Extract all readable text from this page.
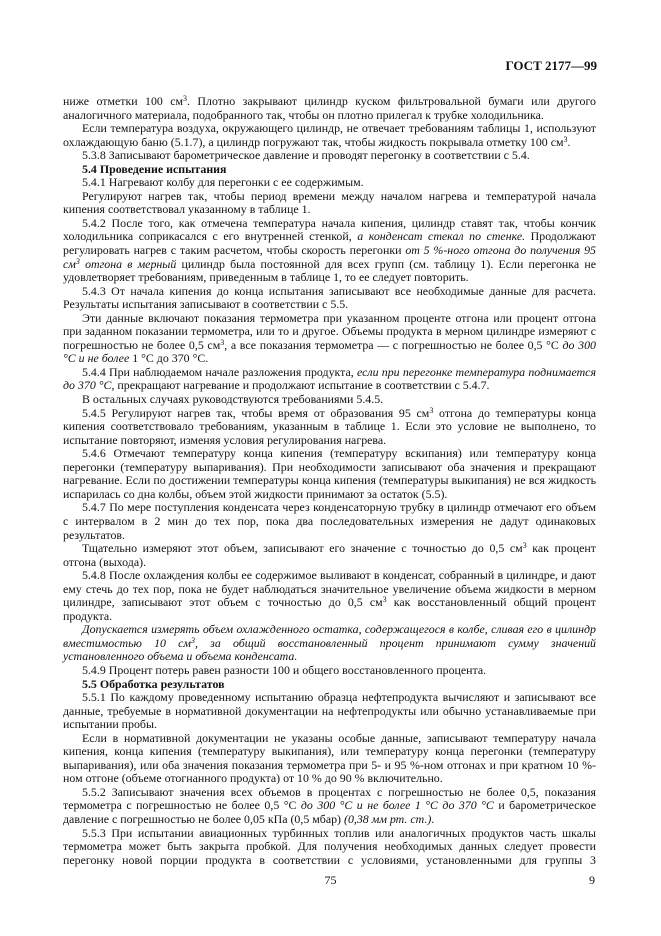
ГОСТ 2177—99

ниже отметки 100 $см^3$. Плотно закрывают цилиндр куском фильтровальной бумаги или другого аналогичного материала, подобранного так, чтобы он плотно прилегал к трубке холодильника.

Если температура воздуха, окружающего цилиндр, не отвечает требованиям таблицы 1, используют охлаждающую баню (5.1.7), а цилиндр погружают так, чтобы жидкость покрывала отметку 100 $см^3$.

5.3.8 Записывают барометрическое давление и проводят перегонку в соответствии с 5.4.

5.4 Проведение испытания

5.4.1 Нагревают колбу для перегонки с ее содержимым.

Регулируют нагрев так, чтобы период времени между началом нагрева и температурой начала кипения соответствовал указанному в таблице 1.

5.4.2 После того, как отмечена температура начала кипения, цилиндр ставят так, чтобы кончик холодильника соприкасался с его внутренней стенкой, а конденсат стекал по стенке. Продолжают регулировать нагрев с таким расчетом, чтобы скорость перегонки от 5 %-ного отгона до получения 95 $см^3$ отгона в мерный цилиндр была постоянной для всех групп (см. таблицу 1). Если перегонка не удовлетворяет требованиям, приведенным в таблице 1, то ее следует повторить.

5.4.3 От начала кипения до конца испытания записывают все необходимые данные для расчета. Результаты испытания записывают в соответствии с 5.5.

Эти данные включают показания термометра при указанном проценте отгона или процент отгона при заданном показании термометра, или то и другое. Объемы продукта в мерном цилиндре измеряют с погрешностью не более 0,5 $см^3$, а все показания термометра — с погрешностью не более 0,5 °С до 300 °С и не более 1 °С до 370 °С.

5.4.4 При наблюдаемом начале разложения продукта, если при перегонке температура поднимается до 370 °С, прекращают нагревание и продолжают испытание в соответствии с 5.4.7.

В остальных случаях руководствуются требованиями 5.4.5.

5.4.5 Регулируют нагрев так, чтобы время от образования 95 $см^3$ отгона до температуры конца кипения соответствовало требованиям, указанным в таблице 1. Если это условие не выполнено, то испытание повторяют, изменяя условия регулирования нагрева.

5.4.6 Отмечают температуру конца кипения (температуру вскипания) или температуру конца перегонки (температуру выпаривания). При необходимости записывают оба значения и прекращают нагревание. Если по достижении температуры конца кипения (температуры выкипания) не вся жидкость испарилась со дна колбы, объем этой жидкости принимают за остаток (5.5).

5.4.7 По мере поступления конденсата через конденсаторную трубку в цилиндр отмечают его объем с интервалом в 2 мин до тех пор, пока два последовательных измерения не дадут одинаковых результатов.

Тщательно измеряют этот объем, записывают его значение с точностью до 0,5 $см^3$ как процент отгона (выхода).

5.4.8 После охлаждения колбы ее содержимое выливают в конденсат, собранный в цилиндре, и дают ему стечь до тех пор, пока не будет наблюдаться значительное увеличение объема жидкости в мерном цилиндре, записывают этот объем с точностью до 0,5 $см^3$ как восстановленный общий процент продукта.

Допускается измерять объем охлажденного остатка, содержащегося в колбе, сливая его в цилиндр вместимостью 10 $см^3$, за общий восстановленный процент принимают сумму значений установленного объема и объема конденсата.

5.4.9 Процент потерь равен разности 100 и общего восстановленного процента.

5.5 Обработка результатов

5.5.1 По каждому проведенному испытанию образца нефтепродукта вычисляют и записывают все данные, требуемые в нормативной документации на нефтепродукты или обычно устанавливаемые при испытании пробы.

Если в нормативной документации не указаны особые данные, записывают температуру начала кипения, конца кипения (температуру выкипания), или температуру конца перегонки (температуру выпаривания), или оба значения показания термометра при 5- и 95 %-ном отгонах и при кратном 10 %-ном отгоне (объеме отогнанного продукта) от 10 % до 90 % включительно.

5.5.2 Записывают значения всех объемов в процентах с погрешностью не более 0,5, показания термометра с погрешностью не более 0,5 °С до 300 °С и не более 1 °С до 370 °С и барометрическое давление с погрешностью не более 0,05 кПа (0,5 мбар) (0,38 мм рт. ст.).

5.5.3 При испытании авиационных турбинных топлив или аналогичных продуктов часть шкалы термометра может быть закрыта пробкой. Для получения необходимых данных следует провести перегонку новой порции продукта в соответствии с условиями, установленными для группы 3

75	9
